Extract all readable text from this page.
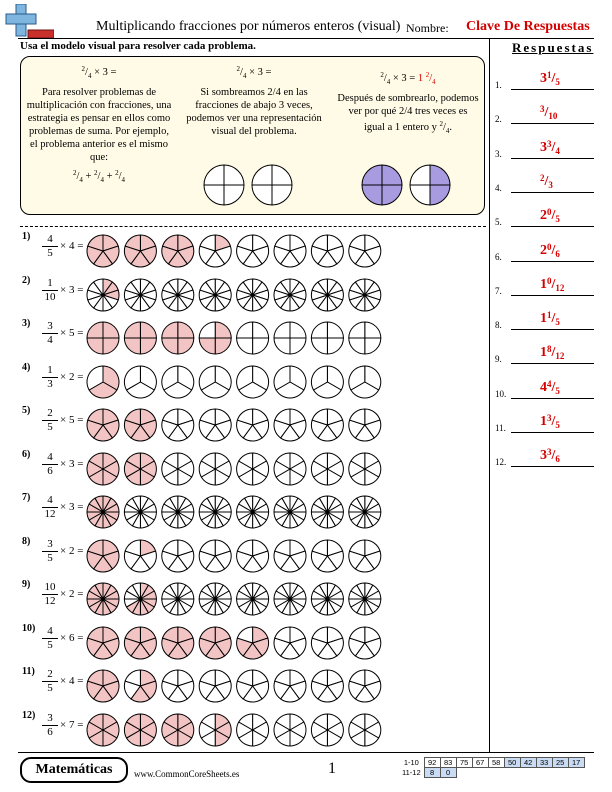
Multiplicando fracciones por números enteros (visual) Nombre: Clave De Respuestas
Usa el modelo visual para resolver cada problema.	Respuestas
$^2/_4 \times 3$ =
Para resolver problemas de multiplicación con fracciones, una estrategia es pensar en ellos como problemas de suma. Por ejemplo, el problema anterior es el mismo que:
$^2/_4 + ^2/_4 + ^2/_4$
$^2/_4 \times 3$ =
Si sombreamos 2/4 en las fracciones de abajo 3 veces, podemos ver una representación visual del problema.
$^2/_4 \times 3 = 1$ $^2/_4$
Después de sombrearlo, podemos ver por qué 2/4 tres veces es igual a 1 entero y $^2/_4$.
$1) \frac{4}{5} \times 4$ =
$2) \frac{1}{10} \times 3$ =
$3) \frac{3}{4} \times 5$ =
$4) \frac{1}{3} \times 2$ =
$5) \frac{2}{5} \times 5$ =
$6) \frac{4}{6} \times 3$ =
$7) \frac{4}{12} \times 3$ =
$8) \frac{3}{5} \times 2$ =
$9) \frac{10}{12} \times 2$ =
$10) \frac{4}{5} \times 6$ =
$11) \frac{2}{5} \times 4$ =
$12) \frac{3}{6} \times 7$ =
1.	$3^1/_5$
2.
$^3/_{10}$
3.	$3^3/_4$
4.
$^2/_3$
5.	$2^0/_5$
6.	$2^0/_6$
7.	$1^0/_{12}$
8.	$1^1/_5$
9.	$1^8/_{12}$
10. $4^4/_5$
11. $1^3/_5$
12. $3^3/_6$
Matemáticas	www.CommonCoreSheets.es	1	1-10	92	83	75	67	58	50	42	33	25	17
11-12	8	0								
